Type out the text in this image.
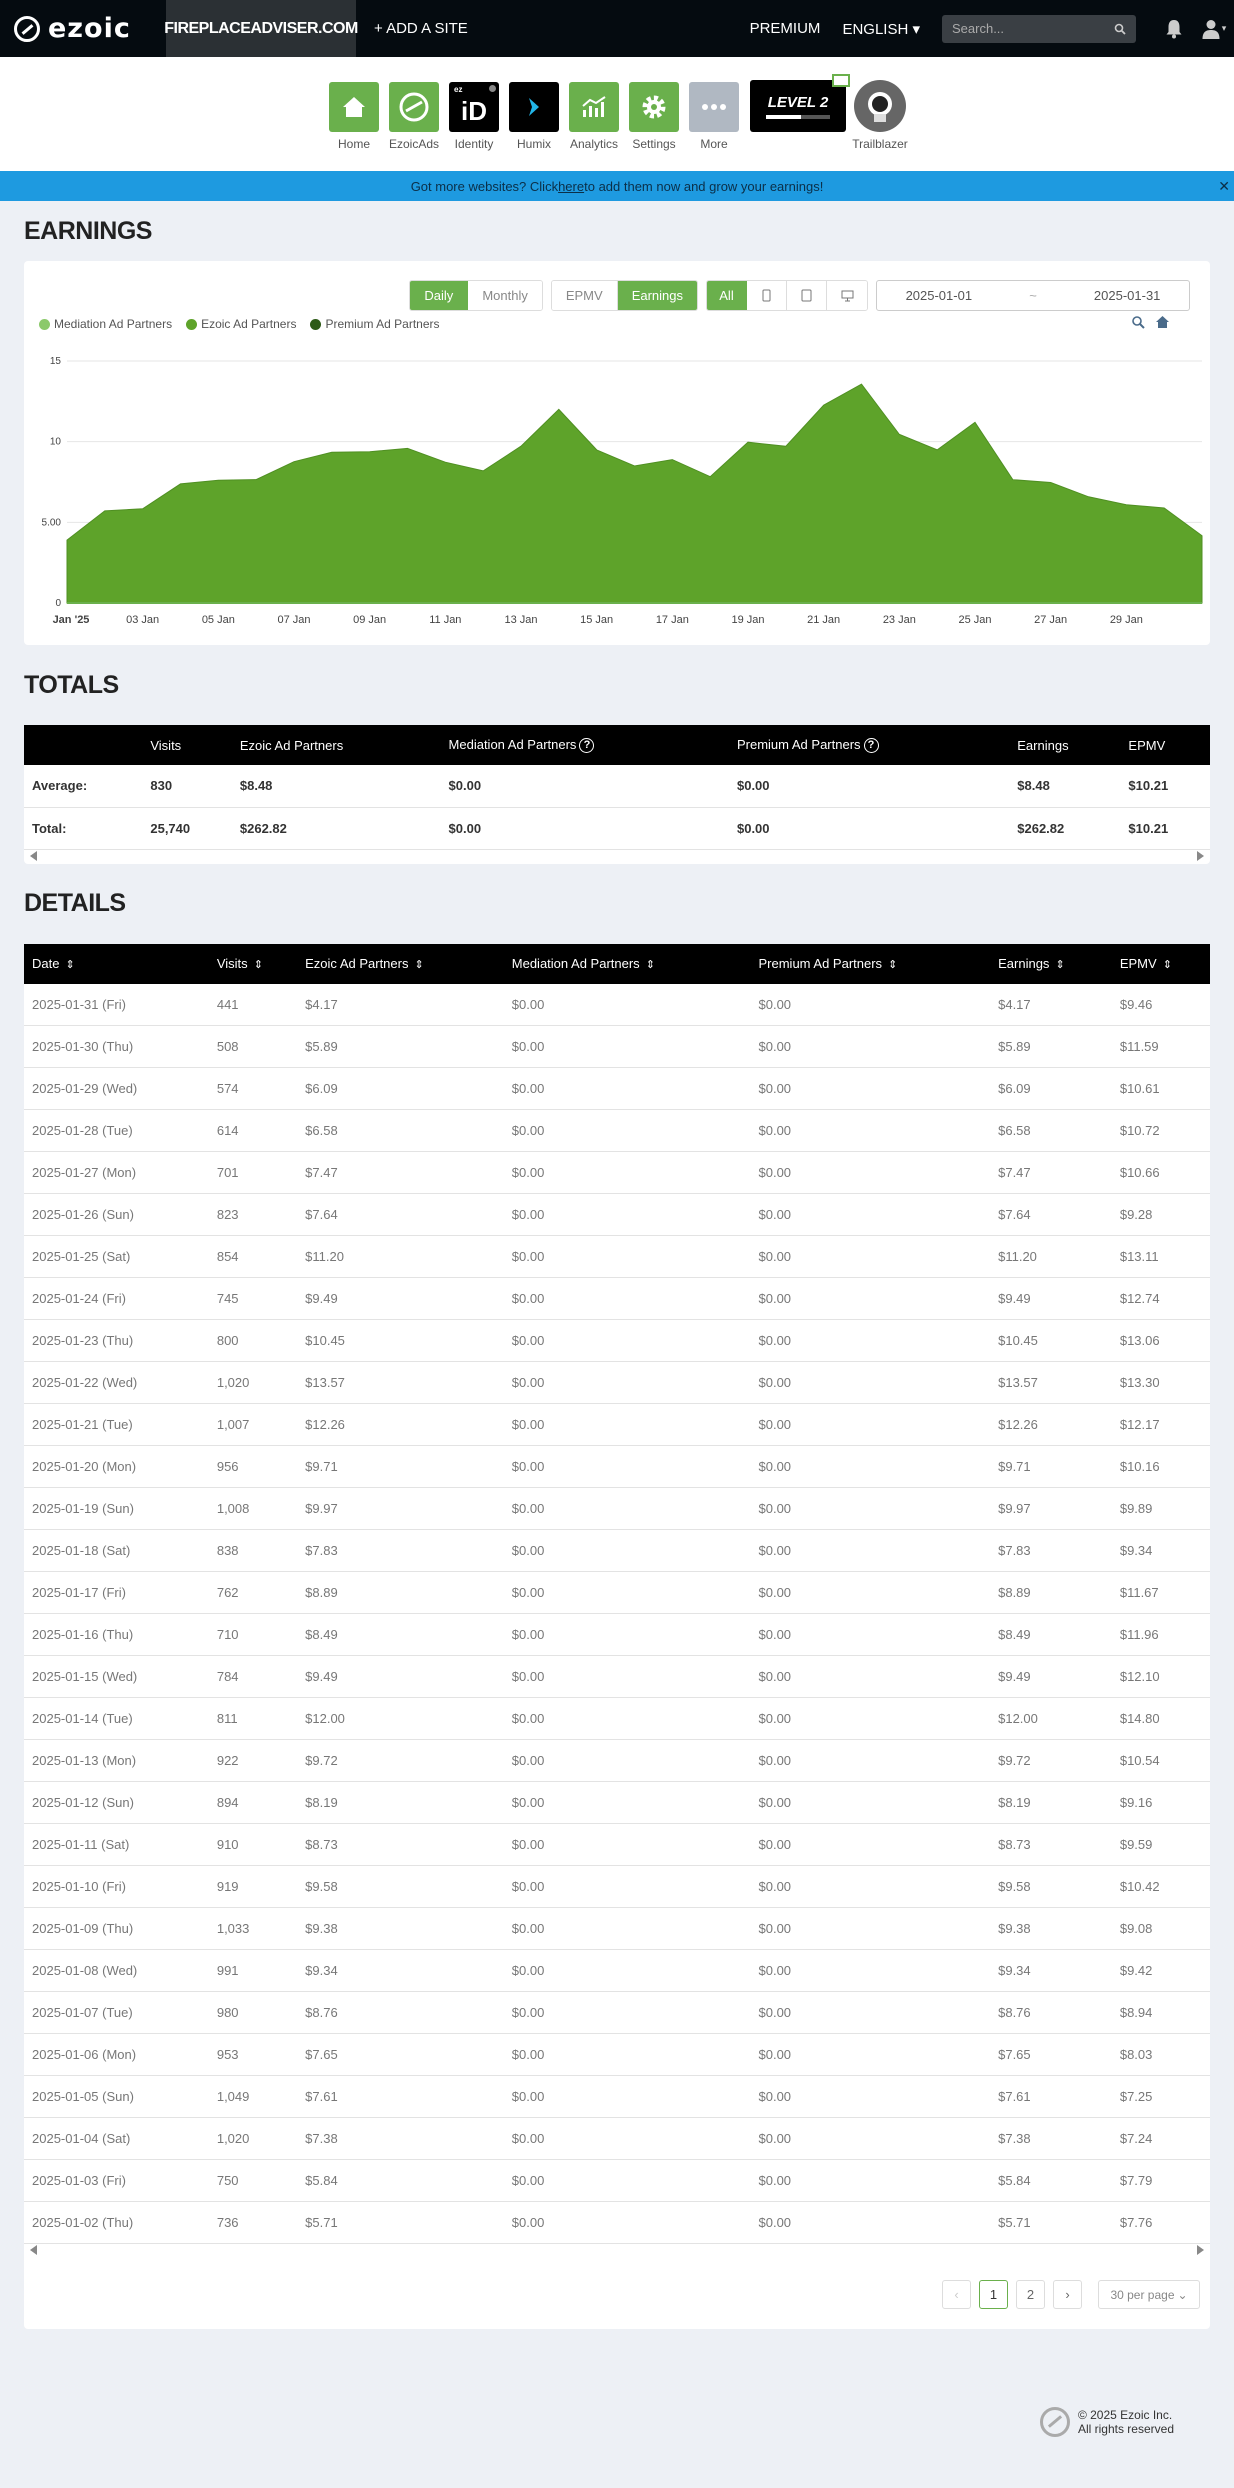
ezoic FIREPLACEADVISER.COM + ADD A SITE	PREMIUM ENGLISH ▾	Search...	▾
Home EzoicAds
ez
iD
Identity Humix Analytics Settings More
LEVEL 2
Trailblazer
Got more websites? Click here to add them now and grow your earnings!	✕
EARNINGS
Daily	Monthly	EPMV	Earnings	All	2025-01-01	~	2025-01-31
Mediation Ad Partners	Ezoic Ad Partners	Premium Ad Partners
0
5.00
10
15
Jan '25	03 Jan	05 Jan	07 Jan	09 Jan	11 Jan	13 Jan	15 Jan	17 Jan	19 Jan	21 Jan	23 Jan	25 Jan	27 Jan	29 Jan
TOTALS
	Visits	Ezoic Ad Partners	Mediation Ad Partners ?	Premium Ad Partners ?	Earnings	EPMV
Average:	830	$8.48	$0.00	$0.00	$8.48	$10.21
Total:	25,740	$262.82	$0.00	$0.00	$262.82	$10.21
DETAILS
Date ⇕	Visits ⇕	Ezoic Ad Partners ⇕	Mediation Ad Partners ⇕	Premium Ad Partners ⇕	Earnings ⇕	EPMV ⇕
2025-01-31 (Fri)	441	$4.17	$0.00	$0.00	$4.17	$9.46
2025-01-30 (Thu)	508	$5.89	$0.00	$0.00	$5.89	$11.59
2025-01-29 (Wed)	574	$6.09	$0.00	$0.00	$6.09	$10.61
2025-01-28 (Tue)	614	$6.58	$0.00	$0.00	$6.58	$10.72
2025-01-27 (Mon)	701	$7.47	$0.00	$0.00	$7.47	$10.66
2025-01-26 (Sun)	823	$7.64	$0.00	$0.00	$7.64	$9.28
2025-01-25 (Sat)	854	$11.20	$0.00	$0.00	$11.20	$13.11
2025-01-24 (Fri)	745	$9.49	$0.00	$0.00	$9.49	$12.74
2025-01-23 (Thu)	800	$10.45	$0.00	$0.00	$10.45	$13.06
2025-01-22 (Wed)	1,020	$13.57	$0.00	$0.00	$13.57	$13.30
2025-01-21 (Tue)	1,007	$12.26	$0.00	$0.00	$12.26	$12.17
2025-01-20 (Mon)	956	$9.71	$0.00	$0.00	$9.71	$10.16
2025-01-19 (Sun)	1,008	$9.97	$0.00	$0.00	$9.97	$9.89
2025-01-18 (Sat)	838	$7.83	$0.00	$0.00	$7.83	$9.34
2025-01-17 (Fri)	762	$8.89	$0.00	$0.00	$8.89	$11.67
2025-01-16 (Thu)	710	$8.49	$0.00	$0.00	$8.49	$11.96
2025-01-15 (Wed)	784	$9.49	$0.00	$0.00	$9.49	$12.10
2025-01-14 (Tue)	811	$12.00	$0.00	$0.00	$12.00	$14.80
2025-01-13 (Mon)	922	$9.72	$0.00	$0.00	$9.72	$10.54
2025-01-12 (Sun)	894	$8.19	$0.00	$0.00	$8.19	$9.16
2025-01-11 (Sat)	910	$8.73	$0.00	$0.00	$8.73	$9.59
2025-01-10 (Fri)	919	$9.58	$0.00	$0.00	$9.58	$10.42
2025-01-09 (Thu)	1,033	$9.38	$0.00	$0.00	$9.38	$9.08
2025-01-08 (Wed)	991	$9.34	$0.00	$0.00	$9.34	$9.42
2025-01-07 (Tue)	980	$8.76	$0.00	$0.00	$8.76	$8.94
2025-01-06 (Mon)	953	$7.65	$0.00	$0.00	$7.65	$8.03
2025-01-05 (Sun)	1,049	$7.61	$0.00	$0.00	$7.61	$7.25
2025-01-04 (Sat)	1,020	$7.38	$0.00	$0.00	$7.38	$7.24
2025-01-03 (Fri)	750	$5.84	$0.00	$0.00	$5.84	$7.79
2025-01-02 (Thu)	736	$5.71	$0.00	$0.00	$5.71	$7.76
‹	1	2	›	30 per page ⌄
© 2025 Ezoic Inc.
All rights reserved
